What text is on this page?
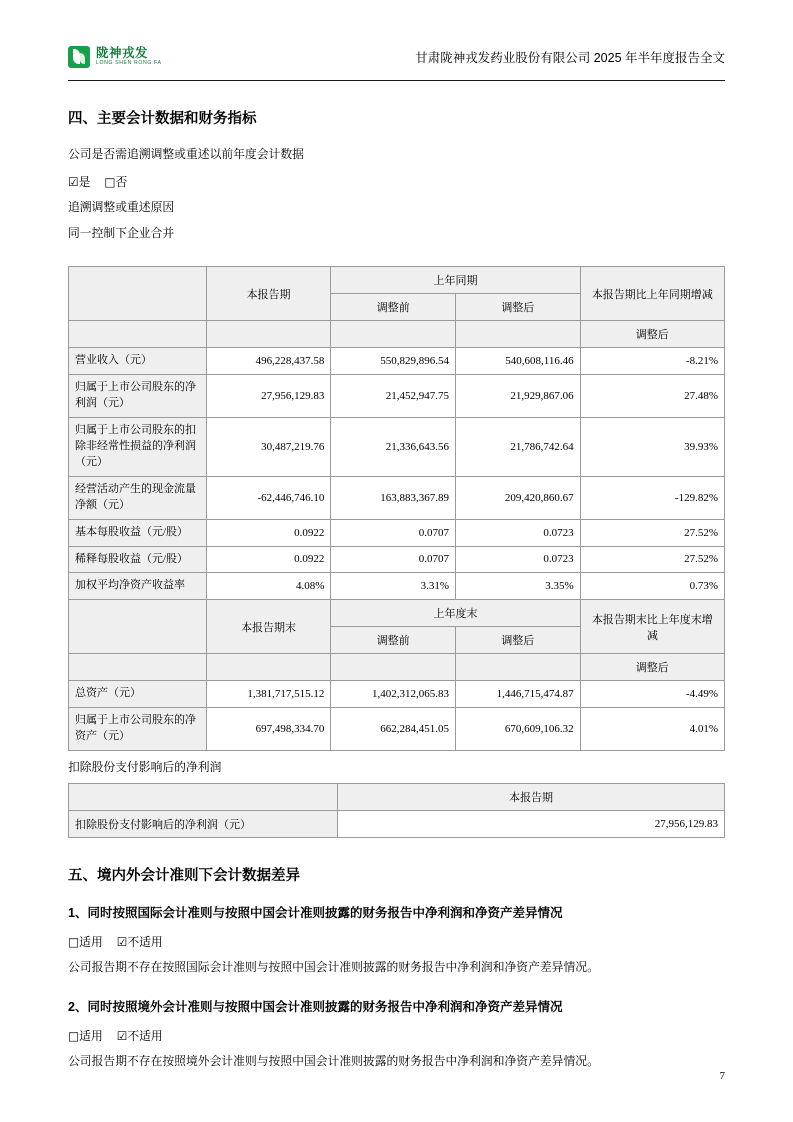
陇神戎发
LONG SHEN RONG FA	甘肃陇神戎发药业股份有限公司 2025 年半年度报告全文
四、主要会计数据和财务指标

公司是否需追溯调整或重述以前年度会计数据

☑是 □否

追溯调整或重述原因

同一控制下企业合并

	本报告期	上年同期		本报告期比上年同期增减
		调整前	调整后	
				调整后
营业收入（元）	496,228,437.58	550,829,896.54	540,608,116.46	-8.21%
归属于上市公司股东的净利润（元）	27,956,129.83	21,452,947.75	21,929,867.06	27.48%
归属于上市公司股东的扣除非经常性损益的净利润（元）	30,487,219.76	21,336,643.56	21,786,742.64	39.93%
经营活动产生的现金流量净额（元）	-62,446,746.10	163,883,367.89	209,420,860.67	-129.82%
基本每股收益（元/股）	0.0922	0.0707	0.0723	27.52%
稀释每股收益（元/股）	0.0922	0.0707	0.0723	27.52%
加权平均净资产收益率	4.08%	3.31%	3.35%	0.73%
	本报告期末	上年度末		本报告期末比上年度末增减
		调整前	调整后	
				调整后
总资产（元）	1,381,717,515.12	1,402,312,065.83	1,446,715,474.87	-4.49%
归属于上市公司股东的净资产（元）	697,498,334.70	662,284,451.05	670,609,106.32	4.01%

扣除股份支付影响后的净利润

	本报告期
扣除股份支付影响后的净利润（元）	27,956,129.83
五、境内外会计准则下会计数据差异
1、同时按照国际会计准则与按照中国会计准则披露的财务报告中净利润和净资产差异情况

□适用 ☑不适用

公司报告期不存在按照国际会计准则与按照中国会计准则披露的财务报告中净利润和净资产差异情况。

2、同时按照境外会计准则与按照中国会计准则披露的财务报告中净利润和净资产差异情况

□适用 ☑不适用

公司报告期不存在按照境外会计准则与按照中国会计准则披露的财务报告中净利润和净资产差异情况。

7
